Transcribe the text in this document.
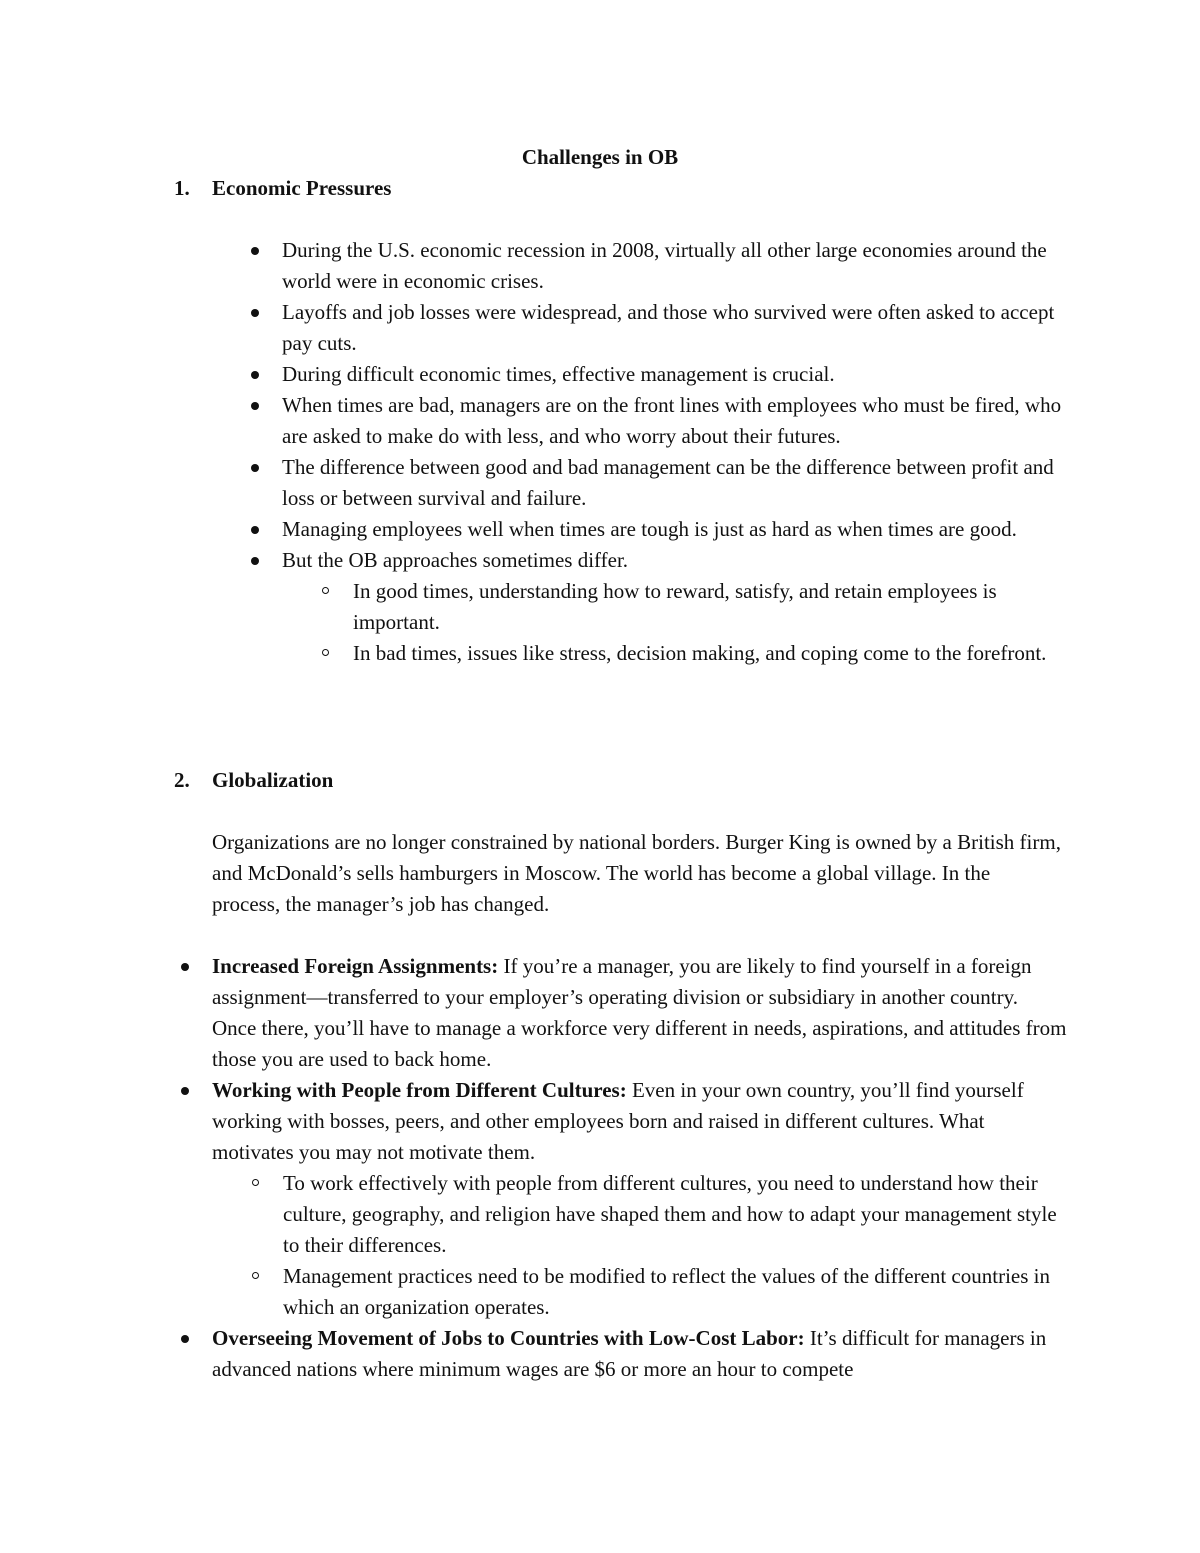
Challenges in OB
1.	Economic Pressures
During the U.S. economic recession in 2008, virtually all other large economies around the world were in economic crises.
Layoffs and job losses were widespread, and those who survived were often asked to accept pay cuts.
During difficult economic times, effective management is crucial.
When times are bad, managers are on the front lines with employees who must be fired, who are asked to make do with less, and who worry about their futures.
The difference between good and bad management can be the difference between profit and loss or between survival and failure.
Managing employees well when times are tough is just as hard as when times are good.
But the OB approaches sometimes differ.
In good times, understanding how to reward, satisfy, and retain employees is important.
In bad times, issues like stress, decision making, and coping come to the forefront.
2.	Globalization

Organizations are no longer constrained by national borders. Burger King is owned by a British firm, and McDonald’s sells hamburgers in Moscow. The world has become a global village. In the process, the manager’s job has changed.

Increased Foreign Assignments: If you’re a manager, you are likely to find yourself in a foreign assignment—transferred to your employer’s operating division or subsidiary in another country. Once there, you’ll have to manage a workforce very different in needs, aspirations, and attitudes from those you are used to back home.
Working with People from Different Cultures: Even in your own country, you’ll find yourself working with bosses, peers, and other employees born and raised in different cultures. What motivates you may not motivate them.
To work effectively with people from different cultures, you need to understand how their culture, geography, and religion have shaped them and how to adapt your management style to their differences.
Management practices need to be modified to reflect the values of the different countries in which an organization operates.
Overseeing Movement of Jobs to Countries with Low-Cost Labor: It’s difficult for managers in advanced nations where minimum wages are $6 or more an hour to compete
